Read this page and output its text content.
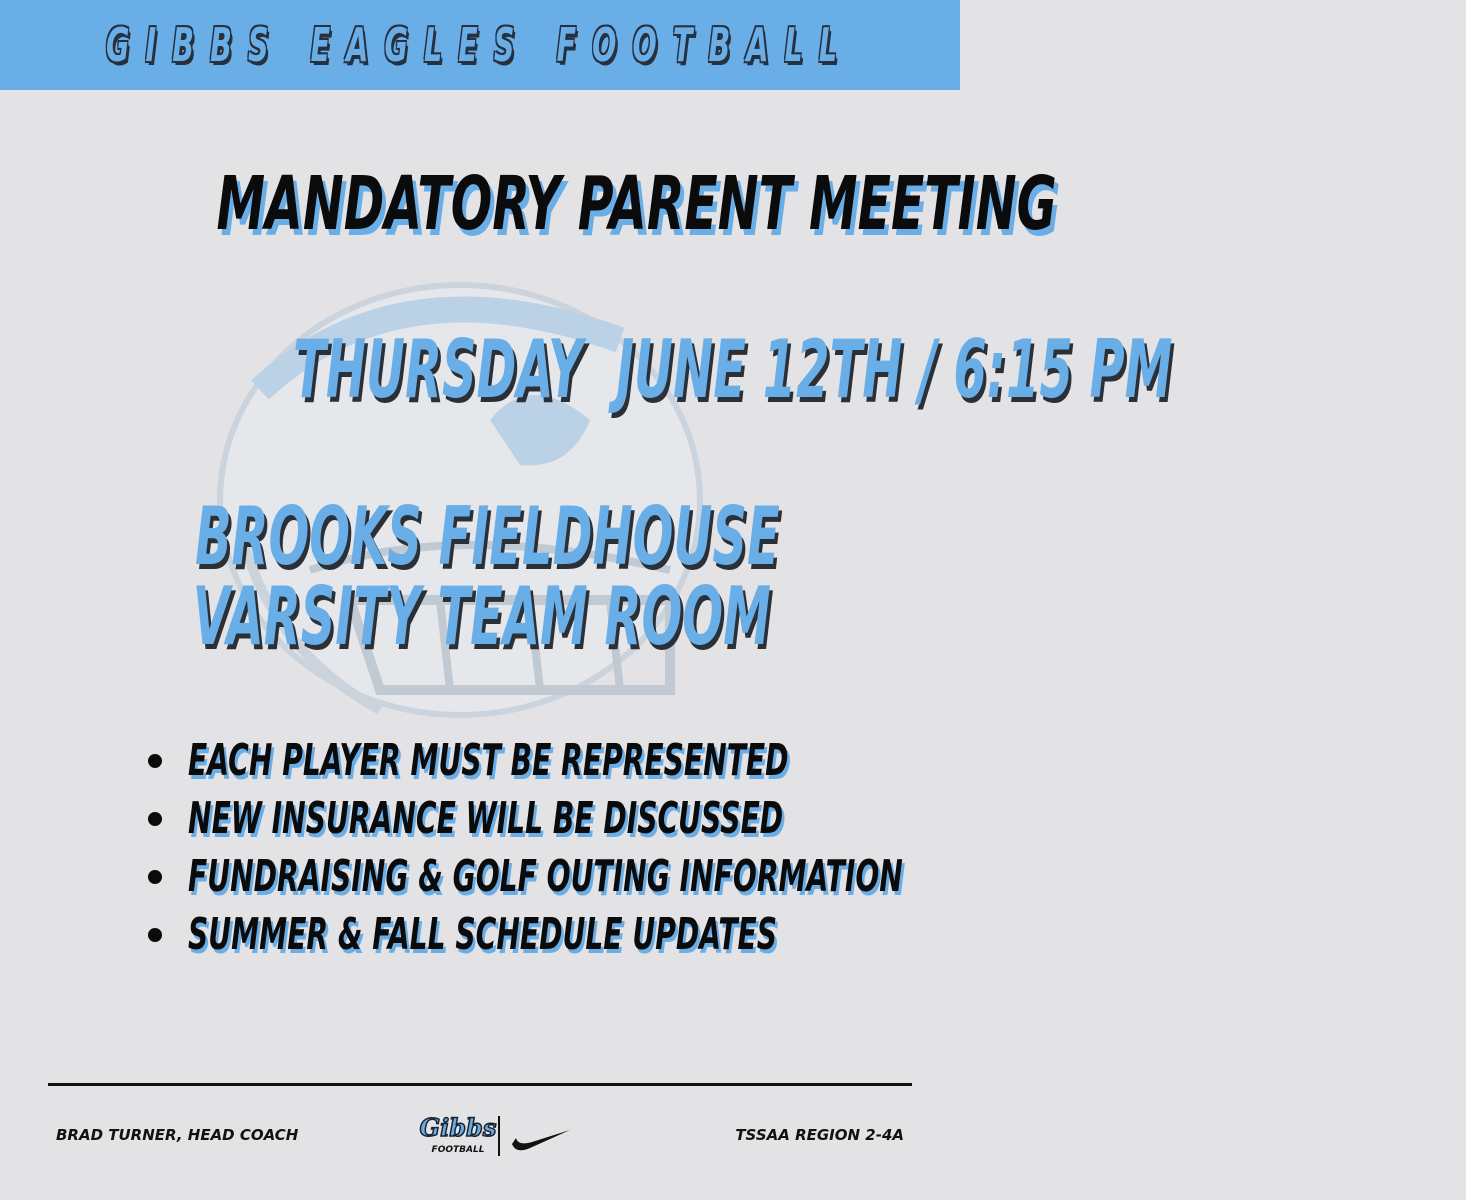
GIBBS EAGLES FOOTBALL
MANDATORY PARENT MEETING
THURSDAY  JUNE 12TH / 6:15 PM
BROOKS FIELDHOUSE
VARSITY TEAM ROOM
EACH PLAYER MUST BE REPRESENTED
NEW INSURANCE WILL BE DISCUSSED
FUNDRAISING & GOLF OUTING INFORMATION
SUMMER & FALL SCHEDULE UPDATES
BRAD TURNER, HEAD COACH	Gibbs
FOOTBALL
TSSAA REGION 2-4A
